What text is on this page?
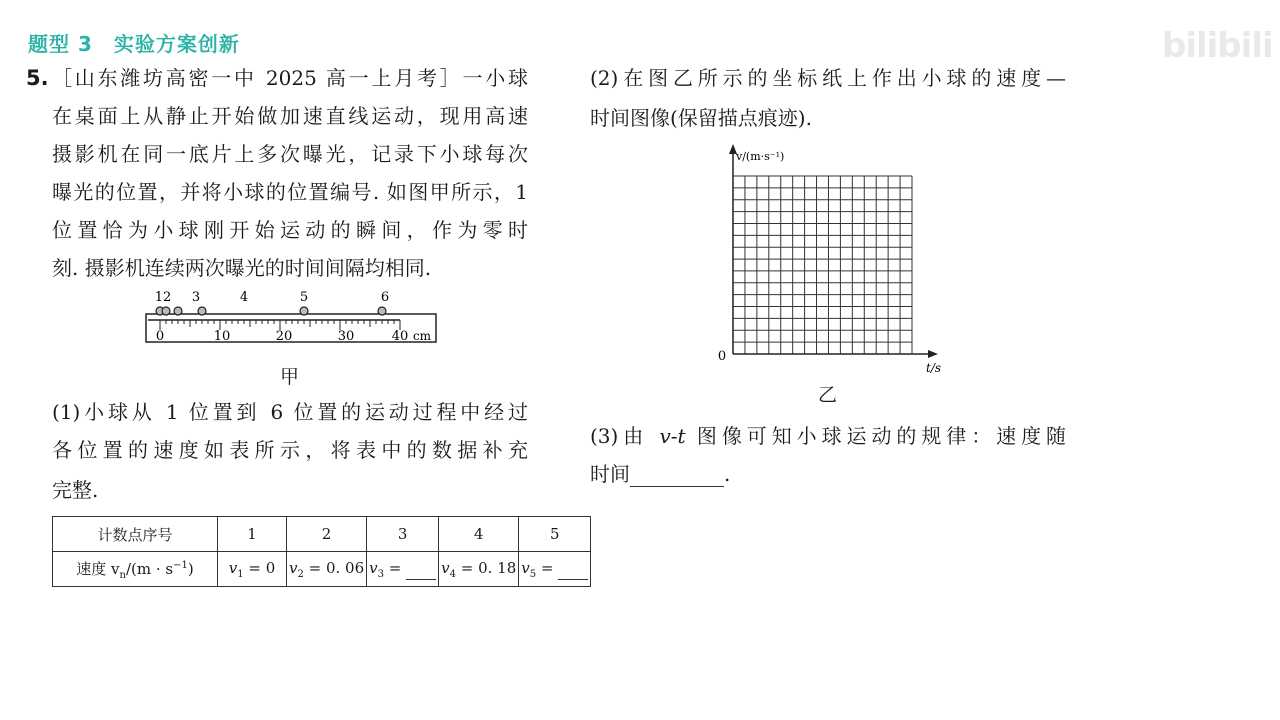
题型 3　实验方案创新	bilibili
5. ［山东潍坊高密一中 2025 高一上月考］一小球
在桌面上从静止开始做加速直线运动，现用高速
摄影机在同一底片上多次曝光，记录下小球每次
曝光的位置，并将小球的位置编号. 如图甲所示，1
位置恰为小球刚开始运动的瞬间，作为零时
刻. 摄影机连续两次曝光的时间间隔均相同.
12 3	4	5	6
0	10	20	30	40 cm
甲
(1)小球从 1 位置到 6 位置的运动过程中经过
各位置的速度如表所示，将表中的数据补充
完整.
计数点序号	1	2	3	4	5
速度 $v_n/(m \cdot s^{-1})$	$v_1 = 0$	$v_2 = 0$. 06	$v_3$ =	$v_4 = 0$. 18	$v_5$ =
(2)在图乙所示的坐标纸上作出小球的速度—
时间图像(保留描点痕迹).
v/(m·s⁻¹)
0
t/s
乙
(3)由 v-t 图像可知小球运动的规律：速度随
时间	.
